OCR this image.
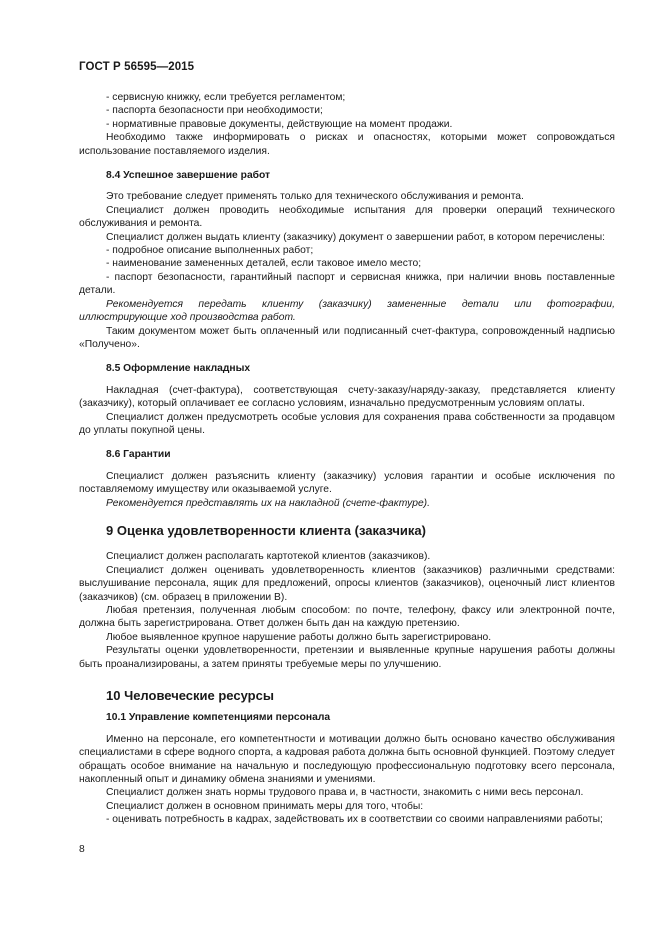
ГОСТ Р 56595—2015

- сервисную книжку, если требуется регламентом;

- паспорта безопасности при необходимости;

- нормативные правовые документы, действующие на момент продажи.

Необходимо также информировать о рисках и опасностях, которыми может сопровождаться использование поставляемого изделия.

8.4 Успешное завершение работ

Это требование следует применять только для технического обслуживания и ремонта.

Специалист должен проводить необходимые испытания для проверки операций технического обслуживания и ремонта.

Специалист должен выдать клиенту (заказчику) документ о завершении работ, в котором перечислены:

- подробное описание выполненных работ;

- наименование замененных деталей, если таковое имело место;

- паспорт безопасности, гарантийный паспорт и сервисная книжка, при наличии вновь поставленные детали.

Рекомендуется передать клиенту (заказчику) замененные детали или фотографии, иллюстрирующие ход производства работ.

Таким документом может быть оплаченный или подписанный счет-фактура, сопровожденный надписью «Получено».

8.5 Оформление накладных

Накладная (счет-фактура), соответствующая счету-заказу/наряду-заказу, представляется клиенту (заказчику), который оплачивает ее согласно условиям, изначально предусмотренным условиям оплаты.

Специалист должен предусмотреть особые условия для сохранения права собственности за продавцом до уплаты покупной цены.

8.6 Гарантии

Специалист должен разъяснить клиенту (заказчику) условия гарантии и особые исключения по поставляемому имуществу или оказываемой услуге.

Рекомендуется представлять их на накладной (счете-фактуре).

9 Оценка удовлетворенности клиента (заказчика)

Специалист должен располагать картотекой клиентов (заказчиков).

Специалист должен оценивать удовлетворенность клиентов (заказчиков) различными средствами: выслушивание персонала, ящик для предложений, опросы клиентов (заказчиков), оценочный лист клиентов (заказчиков) (см. образец в приложении В).

Любая претензия, полученная любым способом: по почте, телефону, факсу или электронной почте, должна быть зарегистрирована. Ответ должен быть дан на каждую претензию.

Любое выявленное крупное нарушение работы должно быть зарегистрировано.

Результаты оценки удовлетворенности, претензии и выявленные крупные нарушения работы должны быть проанализированы, а затем приняты требуемые меры по улучшению.

10 Человеческие ресурсы
10.1 Управление компетенциями персонала

Именно на персонале, его компетентности и мотивации должно быть основано качество обслуживания специалистами в сфере водного спорта, а кадровая работа должна быть основной функцией. Поэтому следует обращать особое внимание на начальную и последующую профессиональную подготовку всего персонала, накопленный опыт и динамику обмена знаниями и умениями.

Специалист должен знать нормы трудового права и, в частности, знакомить с ними весь персонал.

Специалист должен в основном принимать меры для того, чтобы:

- оценивать потребность в кадрах, задействовать их в соответствии со своими направлениями работы;

8
